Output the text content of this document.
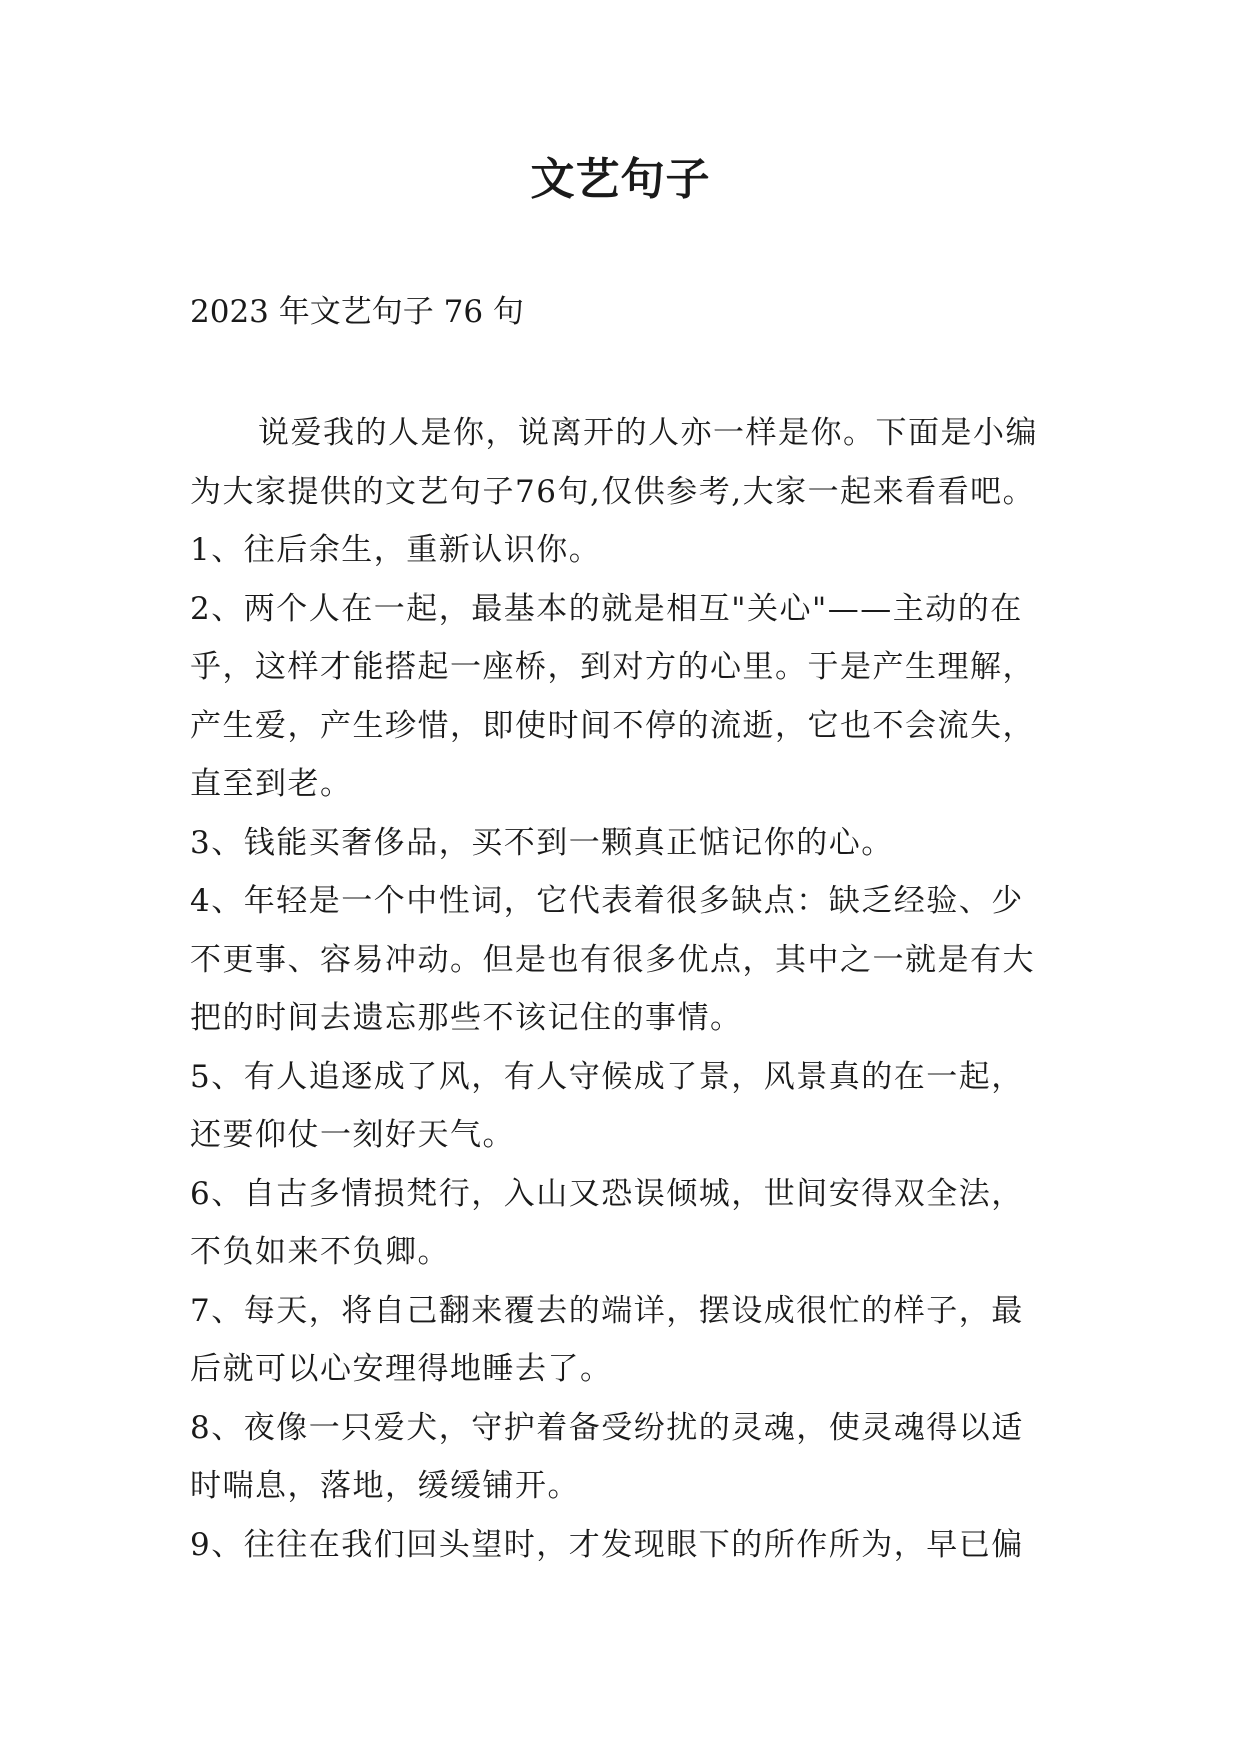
文艺句子

2023 年文艺句子 76 句

说爱我的人是你，说离开的人亦一样是你。下面是小编为大家提供的文艺句子76句,仅供参考,大家一起来看看吧。

1、往后余生，重新认识你。

2、两个人在一起，最基本的就是相互"关心"——主动的在乎，这样才能搭起一座桥，到对方的心里。于是产生理解，产生爱，产生珍惜，即使时间不停的流逝，它也不会流失，直至到老。

3、钱能买奢侈品，买不到一颗真正惦记你的心。

4、年轻是一个中性词，它代表着很多缺点：缺乏经验、少不更事、容易冲动。但是也有很多优点，其中之一就是有大把的时间去遗忘那些不该记住的事情。

5、有人追逐成了风，有人守候成了景，风景真的在一起，还要仰仗一刻好天气。

6、自古多情损梵行，入山又恐误倾城，世间安得双全法，不负如来不负卿。

7、每天，将自己翻来覆去的端详，摆设成很忙的样子，最后就可以心安理得地睡去了。

8、夜像一只爱犬，守护着备受纷扰的灵魂，使灵魂得以适时喘息，落地，缓缓铺开。

9、往往在我们回头望时，才发现眼下的所作所为，早已偏
